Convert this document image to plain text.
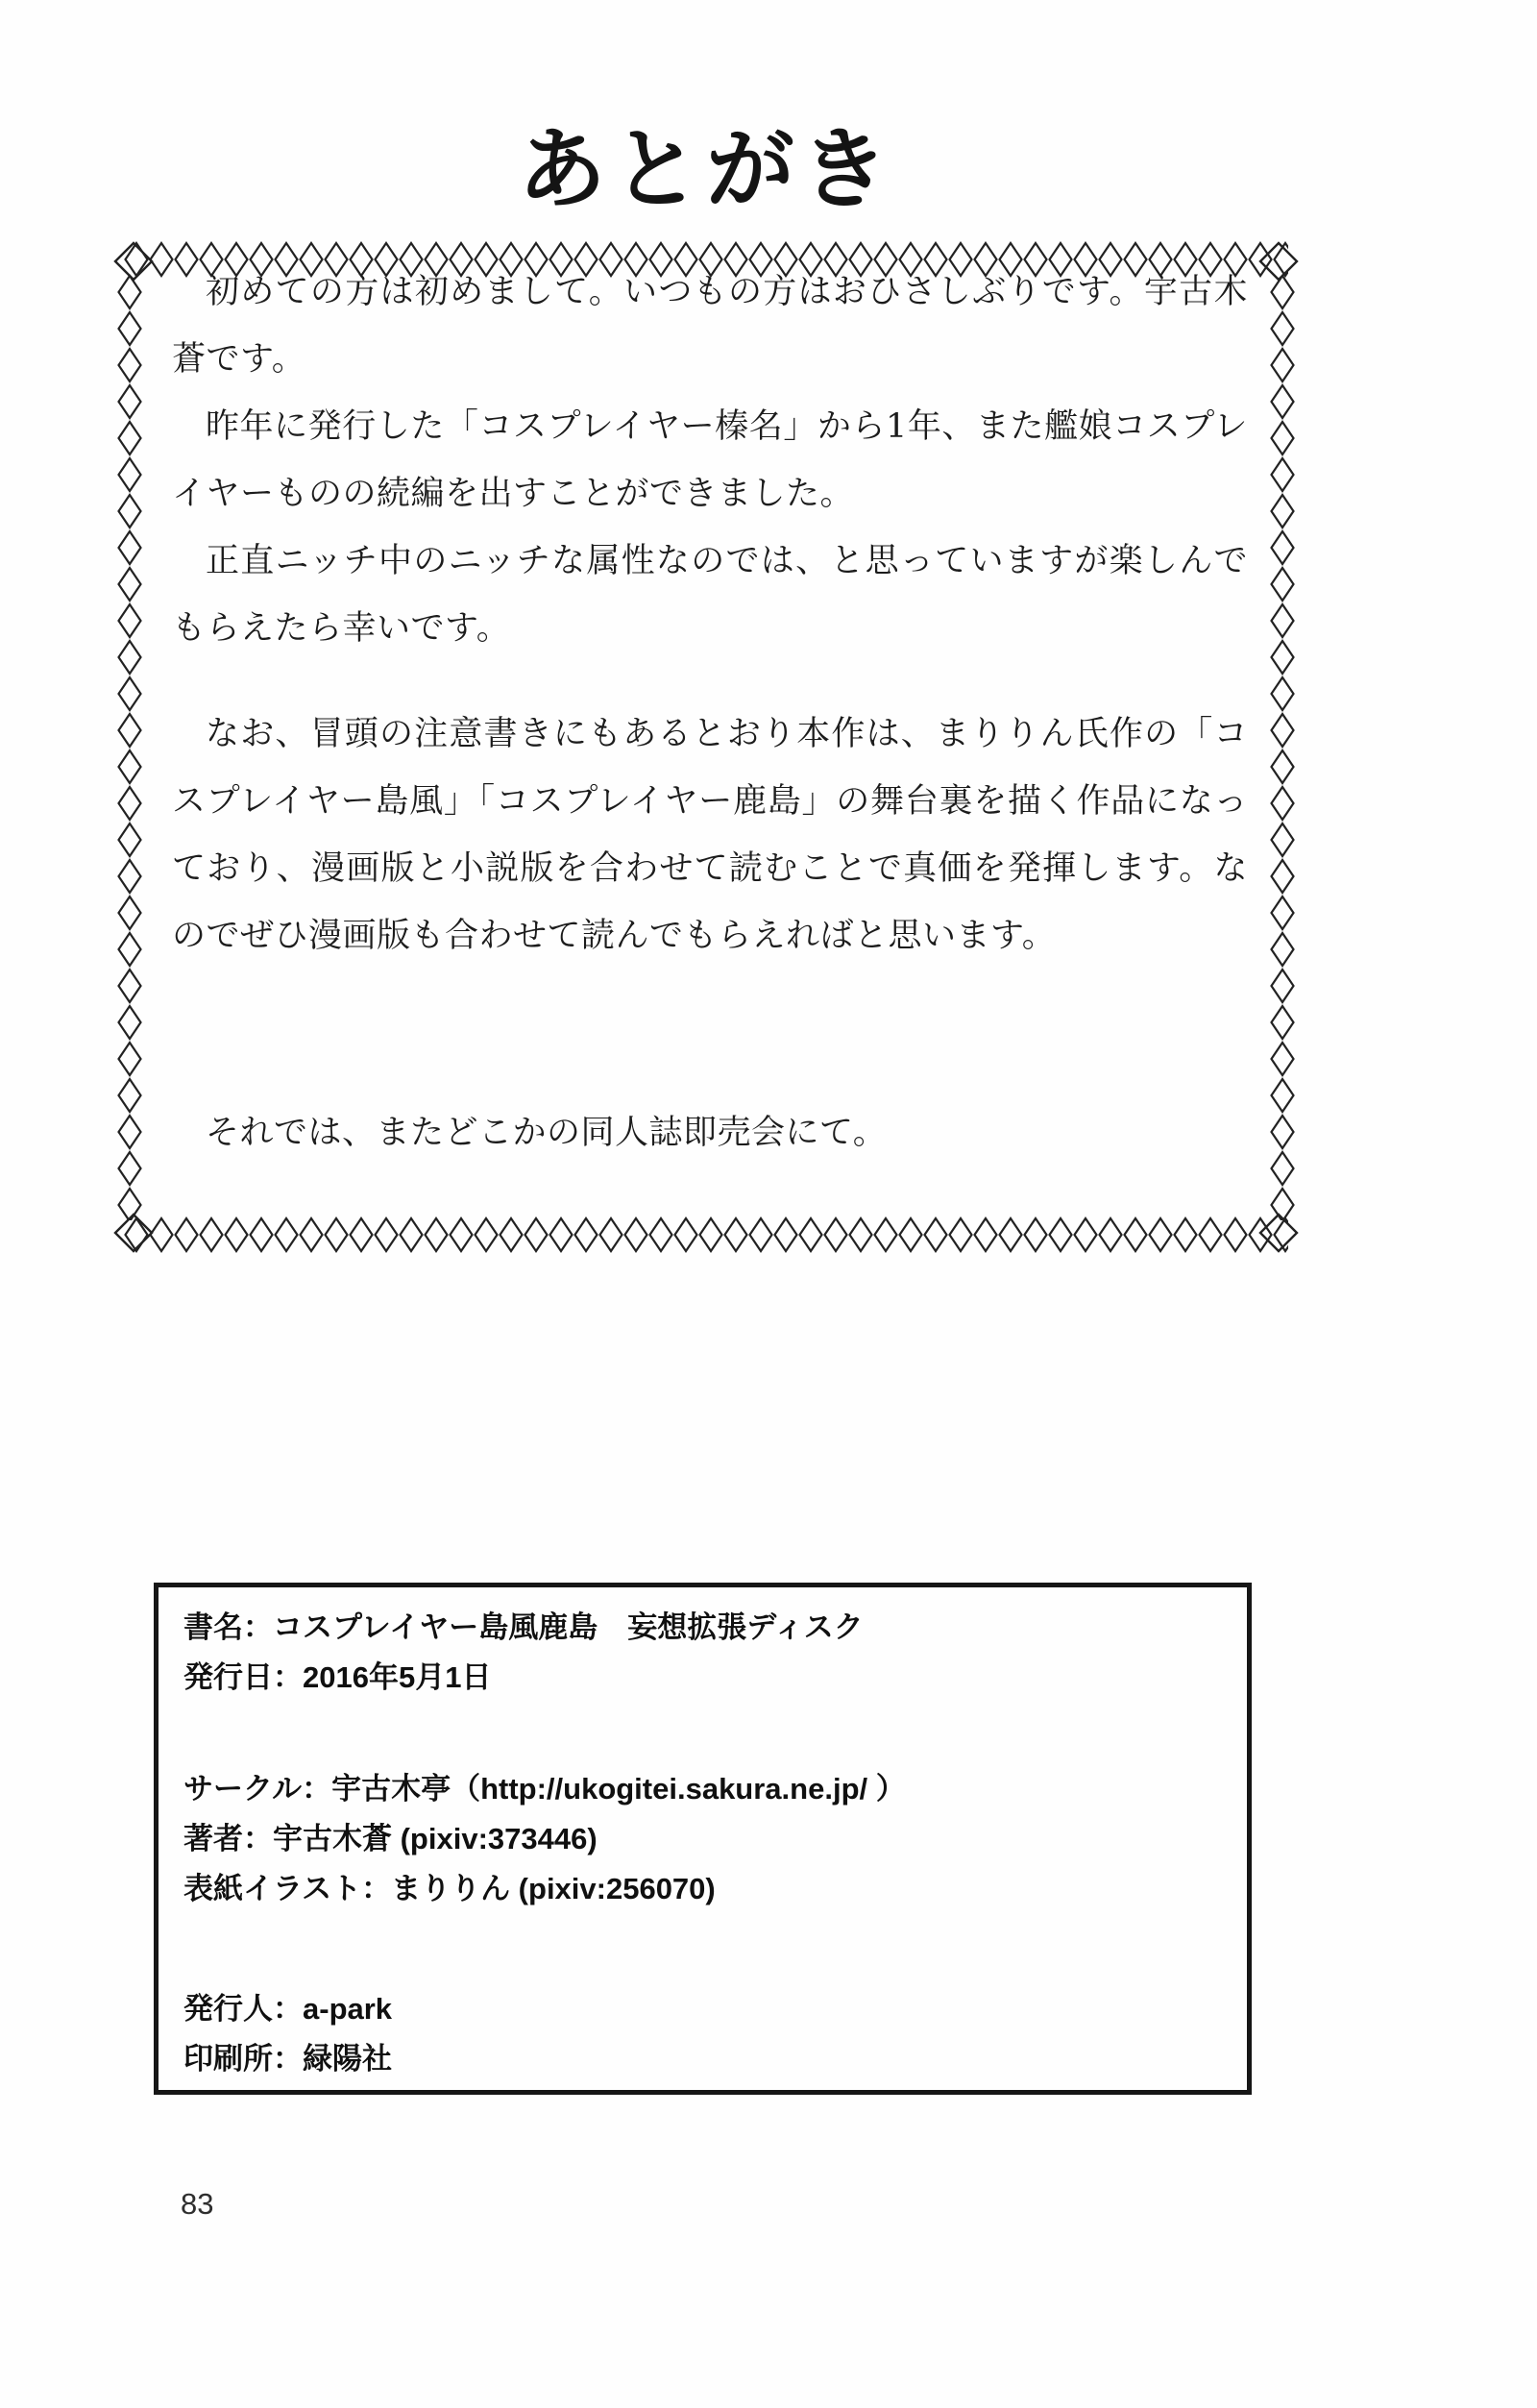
あとがき

初めての方は初めまして。いつもの方はおひさしぶりです。宇古木蒼です。

昨年に発行した「コスプレイヤー榛名」から1年、また艦娘コスプレイヤーものの続編を出すことができました。

正直ニッチ中のニッチな属性なのでは、と思っていますが楽しんでもらえたら幸いです。

なお、冒頭の注意書きにもあるとおり本作は、まりりん氏作の「コスプレイヤー島風」「コスプレイヤー鹿島」の舞台裏を描く作品になっており、漫画版と小説版を合わせて読むことで真価を発揮します。なのでぜひ漫画版も合わせて読んでもらえればと思います。

それでは、またどこかの同人誌即売会にて。

書名：コスプレイヤー島風鹿島　妄想拡張ディスク
発行日：2016年5月1日
サークル：宇古木亭（http://ukogitei.sakura.ne.jp/ ）
著者：宇古木蒼 (pixiv:373446)
表紙イラスト：まりりん (pixiv:256070)
発行人：a-park
印刷所：緑陽社
83
